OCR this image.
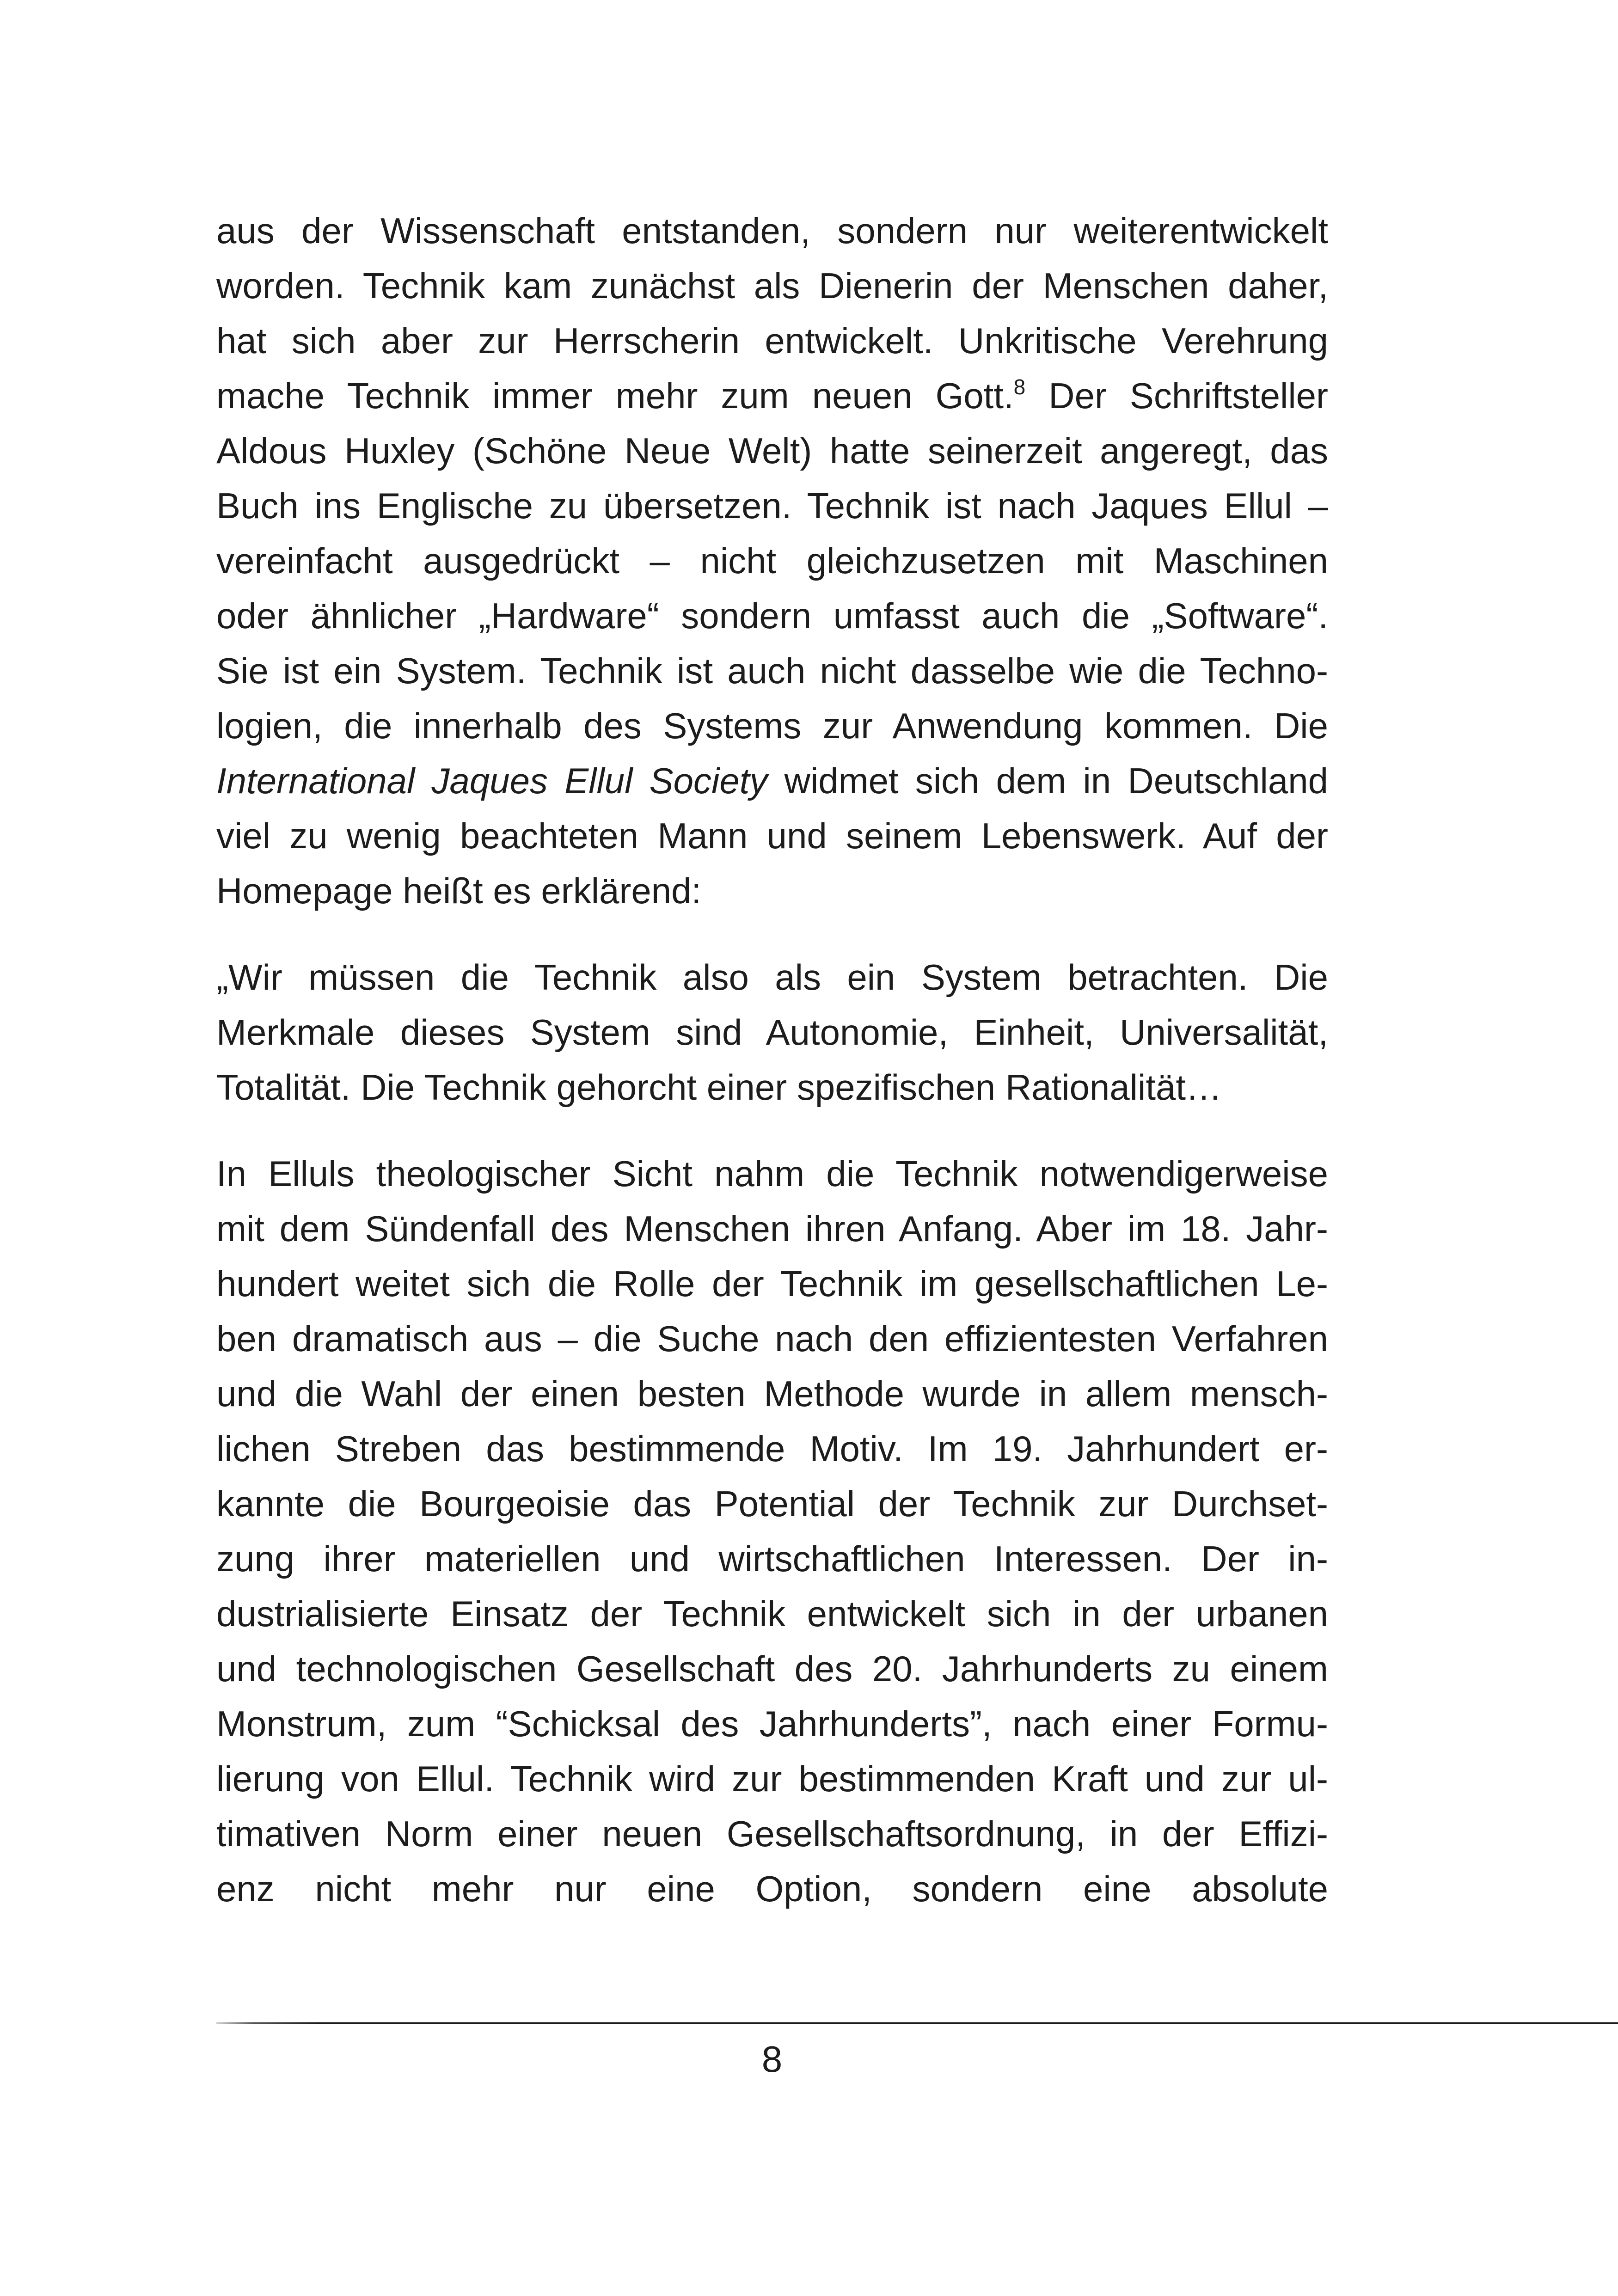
aus der Wissenschaft entstanden, sondern nur weiterentwickelt
worden. Technik kam zunächst als Dienerin der Menschen daher,
hat sich aber zur Herrscherin entwickelt. Unkritische Verehrung
mache Technik immer mehr zum neuen Gott.$^8$ Der Schriftsteller
Aldous Huxley (Schöne Neue Welt) hatte seinerzeit angeregt, das
Buch ins Englische zu übersetzen. Technik ist nach Jaques Ellul –
vereinfacht ausgedrückt – nicht gleichzusetzen mit Maschinen
oder ähnlicher „Hardware“ sondern umfasst auch die „Software“.
Sie ist ein System. Technik ist auch nicht dasselbe wie die Techno-
logien, die innerhalb des Systems zur Anwendung kommen. Die
International Jaques Ellul Society widmet sich dem in Deutschland
viel zu wenig beachteten Mann und seinem Lebenswerk. Auf der
Homepage heißt es erklärend:
„Wir müssen die Technik also als ein System betrachten. Die
Merkmale dieses System sind Autonomie, Einheit, Universalität,
Totalität. Die Technik gehorcht einer spezifischen Rationalität…
In Elluls theologischer Sicht nahm die Technik notwendigerweise
mit dem Sündenfall des Menschen ihren Anfang. Aber im 18. Jahr-
hundert weitet sich die Rolle der Technik im gesellschaftlichen Le-
ben dramatisch aus – die Suche nach den effizientesten Verfahren
und die Wahl der einen besten Methode wurde in allem mensch-
lichen Streben das bestimmende Motiv. Im 19. Jahrhundert er-
kannte die Bourgeoisie das Potential der Technik zur Durchset-
zung ihrer materiellen und wirtschaftlichen Interessen. Der in-
dustrialisierte Einsatz der Technik entwickelt sich in der urbanen
und technologischen Gesellschaft des 20. Jahrhunderts zu einem
Monstrum, zum “Schicksal des Jahrhunderts”, nach einer Formu-
lierung von Ellul. Technik wird zur bestimmenden Kraft und zur ul-
timativen Norm einer neuen Gesellschaftsordnung, in der Effizi-
enz nicht mehr nur eine Option, sondern eine absolute
8
